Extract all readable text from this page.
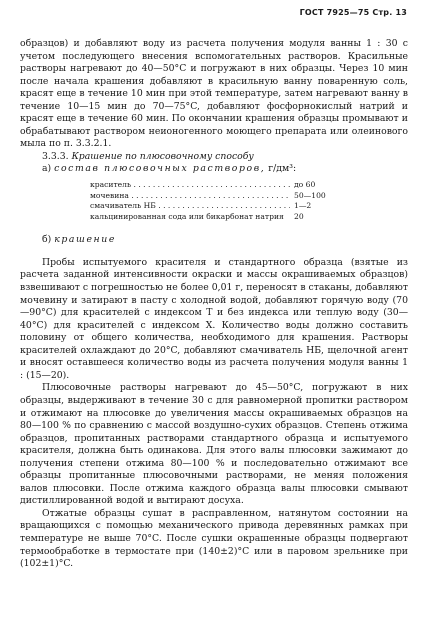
ГОСТ 7925—75 Стр. 13

образцов) и добавляют воду из расчета получения модуля ванны 1 : 30 с учетом последующего внесения вспомогательных растворов. Красильные растворы нагревают до 40—50°C и погружают в них образцы. Через 10 мин после начала крашения добавляют в красильную ванну поваренную соль, красят еще в течение 10 мин при этой температуре, затем нагревают ванну в течение 10—15 мин до 70—75°C, добавляют фосфорнокислый натрий и красят еще в течение 60 мин. По окончании крашения образцы промывают и обрабатывают раствором неионогенного моющего препарата или олеинового мыла по п. 3.3.2.1.

3.3.3. Крашение по плюсовочному способу

а) состав плюсовочных растворов, г/дм³:

краситель . . .	до 60
мочевина . . .	50—100
смачиватель НБ . . .	1—2
кальцинированная сода или бикарбонат натрия	20

б) крашение

Пробы испытуемого красителя и стандартного образца (взятые из расчета заданной интенсивности окраски и массы окрашиваемых образцов) взвешивают с погрешностью не более 0,01 г, переносят в стаканы, добавляют мочевину и затирают в пасту с холодной водой, добавляют горячую воду (70—90°C) для красителей с индексом Т и без индекса или теплую воду (30—40°C) для красителей с индексом Х. Количество воды должно составить половину от общего количества, необходимого для крашения. Растворы красителей охлаждают до 20°C, добавляют смачиватель НБ, щелочной агент и вносят оставшееся количество воды из расчета получения модуля ванны 1 : (15—20).

Плюсовочные растворы нагревают до 45—50°C, погружают в них образцы, выдерживают в течение 30 с для равномерной пропитки раствором и отжимают на плюсовке до увеличения массы окрашиваемых образцов на 80—100 % по сравнению с массой воздушно-сухих образцов. Степень отжима образцов, пропитанных растворами стандартного образца и испытуемого красителя, должна быть одинакова. Для этого валы плюсовки зажимают до получения степени отжима 80—100 % и последовательно отжимают все образцы пропитанные плюсовочными растворами, не меняя положения валов плюсовки. После отжима каждого образца валы плюсовки смывают дистиллированной водой и вытирают досуха.

Отжатые образцы сушат в расправленном, натянутом состоянии на вращающихся с помощью механического привода деревянных рамках при температуре не выше 70°C. После сушки окрашенные образцы подвергают термообработке в термостате при (140±2)°C или в паровом зрельнике при (102±1)°C.
